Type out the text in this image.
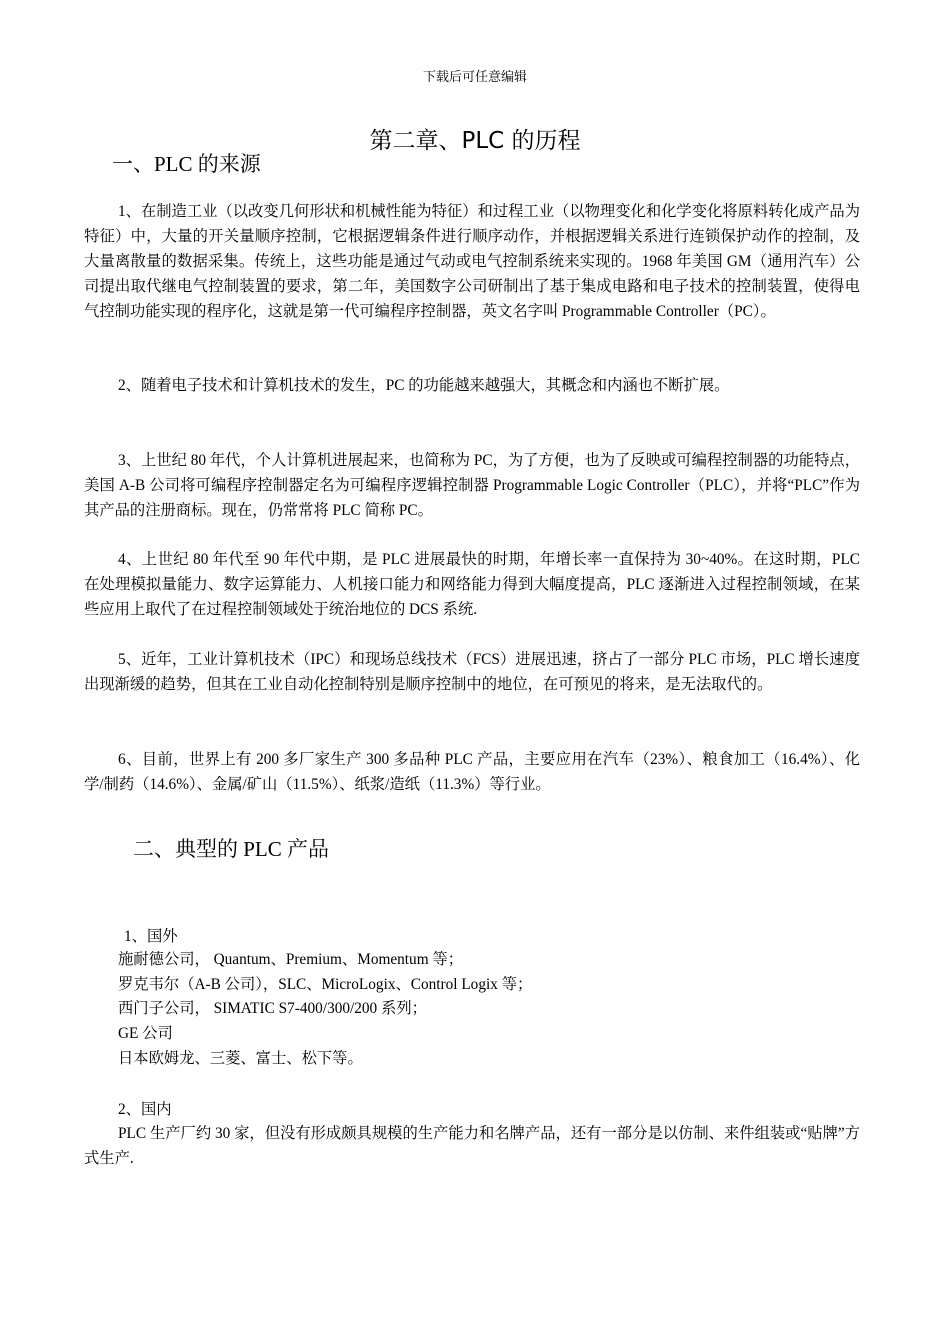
下载后可任意编辑
第二章、PLC 的历程
一、PLC 的来源

1、在制造工业（以改变几何形状和机械性能为特征）和过程工业（以物理变化和化学变化将原料转化成产品为特征）中，大量的开关量顺序控制，它根据逻辑条件进行顺序动作，并根据逻辑关系进行连锁保护动作的控制，及大量离散量的数据采集。传统上，这些功能是通过气动或电气控制系统来实现的。1968 年美国 GM（通用汽车）公司提出取代继电气控制装置的要求，第二年，美国数字公司研制出了基于集成电路和电子技术的控制装置，使得电气控制功能实现的程序化，这就是第一代可编程序控制器，英文名字叫 Programmable Controller（PC）。

2、随着电子技术和计算机技术的发生，PC 的功能越来越强大，其概念和内涵也不断扩展。

3、上世纪 80 年代，个人计算机进展起来，也简称为 PC，为了方便，也为了反映或可编程控制器的功能特点，美国 A-B 公司将可编程序控制器定名为可编程序逻辑控制器 Programmable Logic Controller（PLC），并将“PLC”作为其产品的注册商标。现在，仍常常将 PLC 简称 PC。

4、上世纪 80 年代至 90 年代中期，是 PLC 进展最快的时期，年增长率一直保持为 30~40%。在这时期，PLC 在处理模拟量能力、数字运算能力、人机接口能力和网络能力得到大幅度提高，PLC 逐渐进入过程控制领域，在某些应用上取代了在过程控制领域处于统治地位的 DCS 系统.

5、近年，工业计算机技术（IPC）和现场总线技术（FCS）进展迅速，挤占了一部分 PLC 市场，PLC 增长速度出现渐缓的趋势，但其在工业自动化控制特别是顺序控制中的地位，在可预见的将来，是无法取代的。

6、目前，世界上有 200 多厂家生产 300 多品种 PLC 产品，主要应用在汽车（23%）、粮食加工（16.4%）、化学/制药（14.6%）、金属/矿山（11.5%）、纸浆/造纸（11.3%）等行业。

二、典型的 PLC 产品
1、国外
施耐德公司， Quantum、Premium、Momentum 等；
罗克韦尔（A-B 公司），SLC、MicroLogix、Control Logix 等；
西门子公司， SIMATIC S7-400/300/200 系列；
GE 公司
日本欧姆龙、三菱、富士、松下等。
2、国内

PLC 生产厂约 30 家，但没有形成颇具规模的生产能力和名牌产品，还有一部分是以仿制、来件组装或“贴牌”方式生产.
